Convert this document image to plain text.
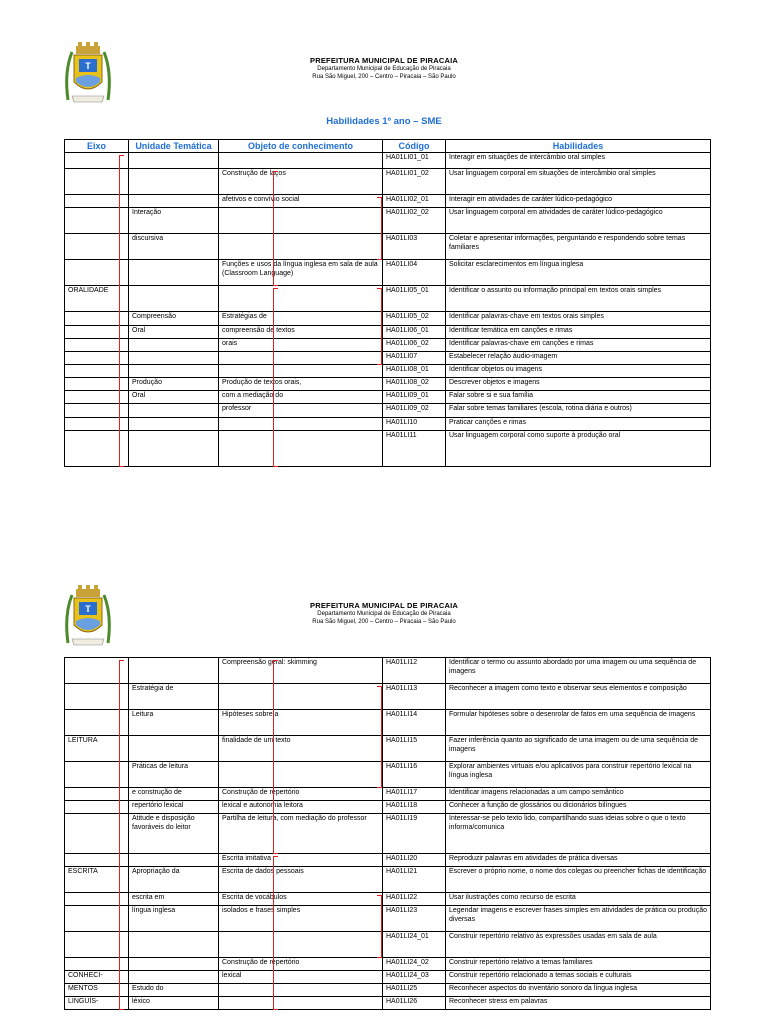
T
PREFEITURA MUNICIPAL DE PIRACAIA
Departamento Municipal de Educação de Piracaia
Rua São Miguel, 200 – Centro – Piracaia – São Paulo
Habilidades 1º ano – SME
Eixo	Unidade Temática	Objeto de conhecimento	Código	Habilidades
			HA01LI01_01	Interagir em situações de intercâmbio oral simples
		Construção de laços	HA01LI01_02	Usar linguagem corporal em situações de intercâmbio oral simples
		afetivos e convívio social	HA01LI02_01	Interagir em atividades de caráter lúdico-pedagógico
	Interação		HA01LI02_02	Usar linguagem corporal em atividades de caráter lúdico-pedagógico
	discursiva		HA01LI03	Coletar e apresentar informações, perguntando e respondendo sobre temas familiares
		Funções e usos da língua inglesa em sala de aula (Classroom Language)	HA01LI04	Solicitar esclarecimentos em língua inglesa
ORALIDADE			HA01LI05_01	Identificar o assunto ou informação principal em textos orais simples
	Compreensão	Estratégias de	HA01LI05_02	Identificar palavras-chave em textos orais simples
	Oral	compreensão de textos	HA01LI06_01	Identificar temática em canções e rimas
		orais	HA01LI06_02	Identificar palavras-chave em canções e rimas
			HA01LI07	Estabelecer relação áudio-imagem
			HA01LI08_01	Identificar objetos ou imagens
	Produção	Produção de textos orais,	HA01LI08_02	Descrever objetos e imagens
	Oral	com a mediação do	HA01LI09_01	Falar sobre si e sua família
		professor	HA01LI09_02	Falar sobre temas familiares (escola, rotina diária e outros)
			HA01LI10	Praticar canções e rimas
			HA01LI11	Usar linguagem corporal como suporte à produção oral
T	PREFEITURA MUNICIPAL DE PIRACAIA
Departamento Municipal de Educação de Piracaia
Rua São Miguel, 200 – Centro – Piracaia – São Paulo
		Compreensão geral: skimming	HA01LI12	Identificar o termo ou assunto abordado por uma imagem ou uma sequência de imagens
	Estratégia de		HA01LI13	Reconhecer a imagem como texto e observar seus elementos e composição
	Leitura	Hipóteses sobre a	HA01LI14	Formular hipóteses sobre o desenrolar de fatos em uma sequência de imagens
LEITURA		finalidade de um texto	HA01LI15	Fazer inferência quanto ao significado de uma imagem ou de uma sequência de imagens
	Práticas de leitura		HA01LI16	Explorar ambientes virtuais e/ou aplicativos para construir repertório lexical na língua inglesa
	e construção de	Construção de repertório	HA01LI17	Identificar imagens relacionadas a um campo semântico
	repertório lexical	lexical e autonomia leitora	HA01LI18	Conhecer a função de glossários ou dicionários bilíngues
	Atitude e disposição favoráveis do leitor	Partilha de leitura, com mediação do professor	HA01LI19	Interessar-se pelo texto lido, compartilhando suas ideias sobre o que o texto informa/comunica
		Escrita imitativa	HA01LI20	Reproduzir palavras em atividades de prática diversas
ESCRITA	Apropriação da	Escrita de dados pessoais	HA01LI21	Escrever o próprio nome, o nome dos colegas ou preencher fichas de identificação
	escrita em	Escrita de vocábulos	HA01LI22	Usar ilustrações como recurso de escrita
	língua inglesa	isolados e frases simples	HA01LI23	Legendar imagens e escrever frases simples em atividades de prática ou produção diversas
			HA01LI24_01	Construir repertório relativo às expressões usadas em sala de aula
		Construção de repertório	HA01LI24_02	Construir repertório relativo a temas familiares
CONHECI-		lexical	HA01LI24_03	Construir repertório relacionado a temas sociais e culturais
MENTOS	Estudo do		HA01LI25	Reconhecer aspectos do inventário sonoro da língua inglesa
LINGUÍS-	léxico		HA01LI26	Reconhecer stress em palavras
